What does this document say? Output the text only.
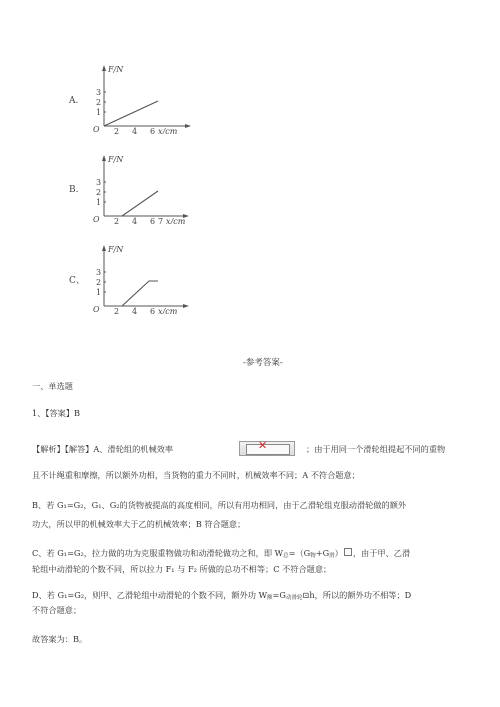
A.
B.
C、
F/N
O
1
2
3
2 4 6 x/cm
F/N
O
1
2
3
2 4 6 7 x/cm
F/N
O
1
2
3
2 4 6 x/cm
-参考答案-
一、单选题
1、【答案】B
【解析】【解答】A、滑轮组的机械效率	✕	；由于用同一个滑轮组提起不同的重物
且不计绳重和摩擦，所以额外功相，当货物的重力不同时，机械效率不同；A 不符合题意；
B、若 G₁=G₂，G₁、G₂的货物被提高的高度相同，所以有用功相同，由于乙滑轮组克服动滑轮做的额外
功大，所以甲的机械效率大于乙的机械效率；B 符合题意；
C、若 G₁=G₂，拉力做的功为克服重物做功和动滑轮做功之和，即 W总=（G物+G滑） ，由于甲、乙滑
轮组中动滑轮的个数不同，所以拉力 F₁ 与 F₂ 所做的总功不相等；C 不符合题意；
D、若 G₁=G₂，则甲、乙滑轮组中动滑轮的个数不同，额外功 W额=G动滑轮⊡h，所以的额外功不相等；D
不符合题意；
故答案为：B。
